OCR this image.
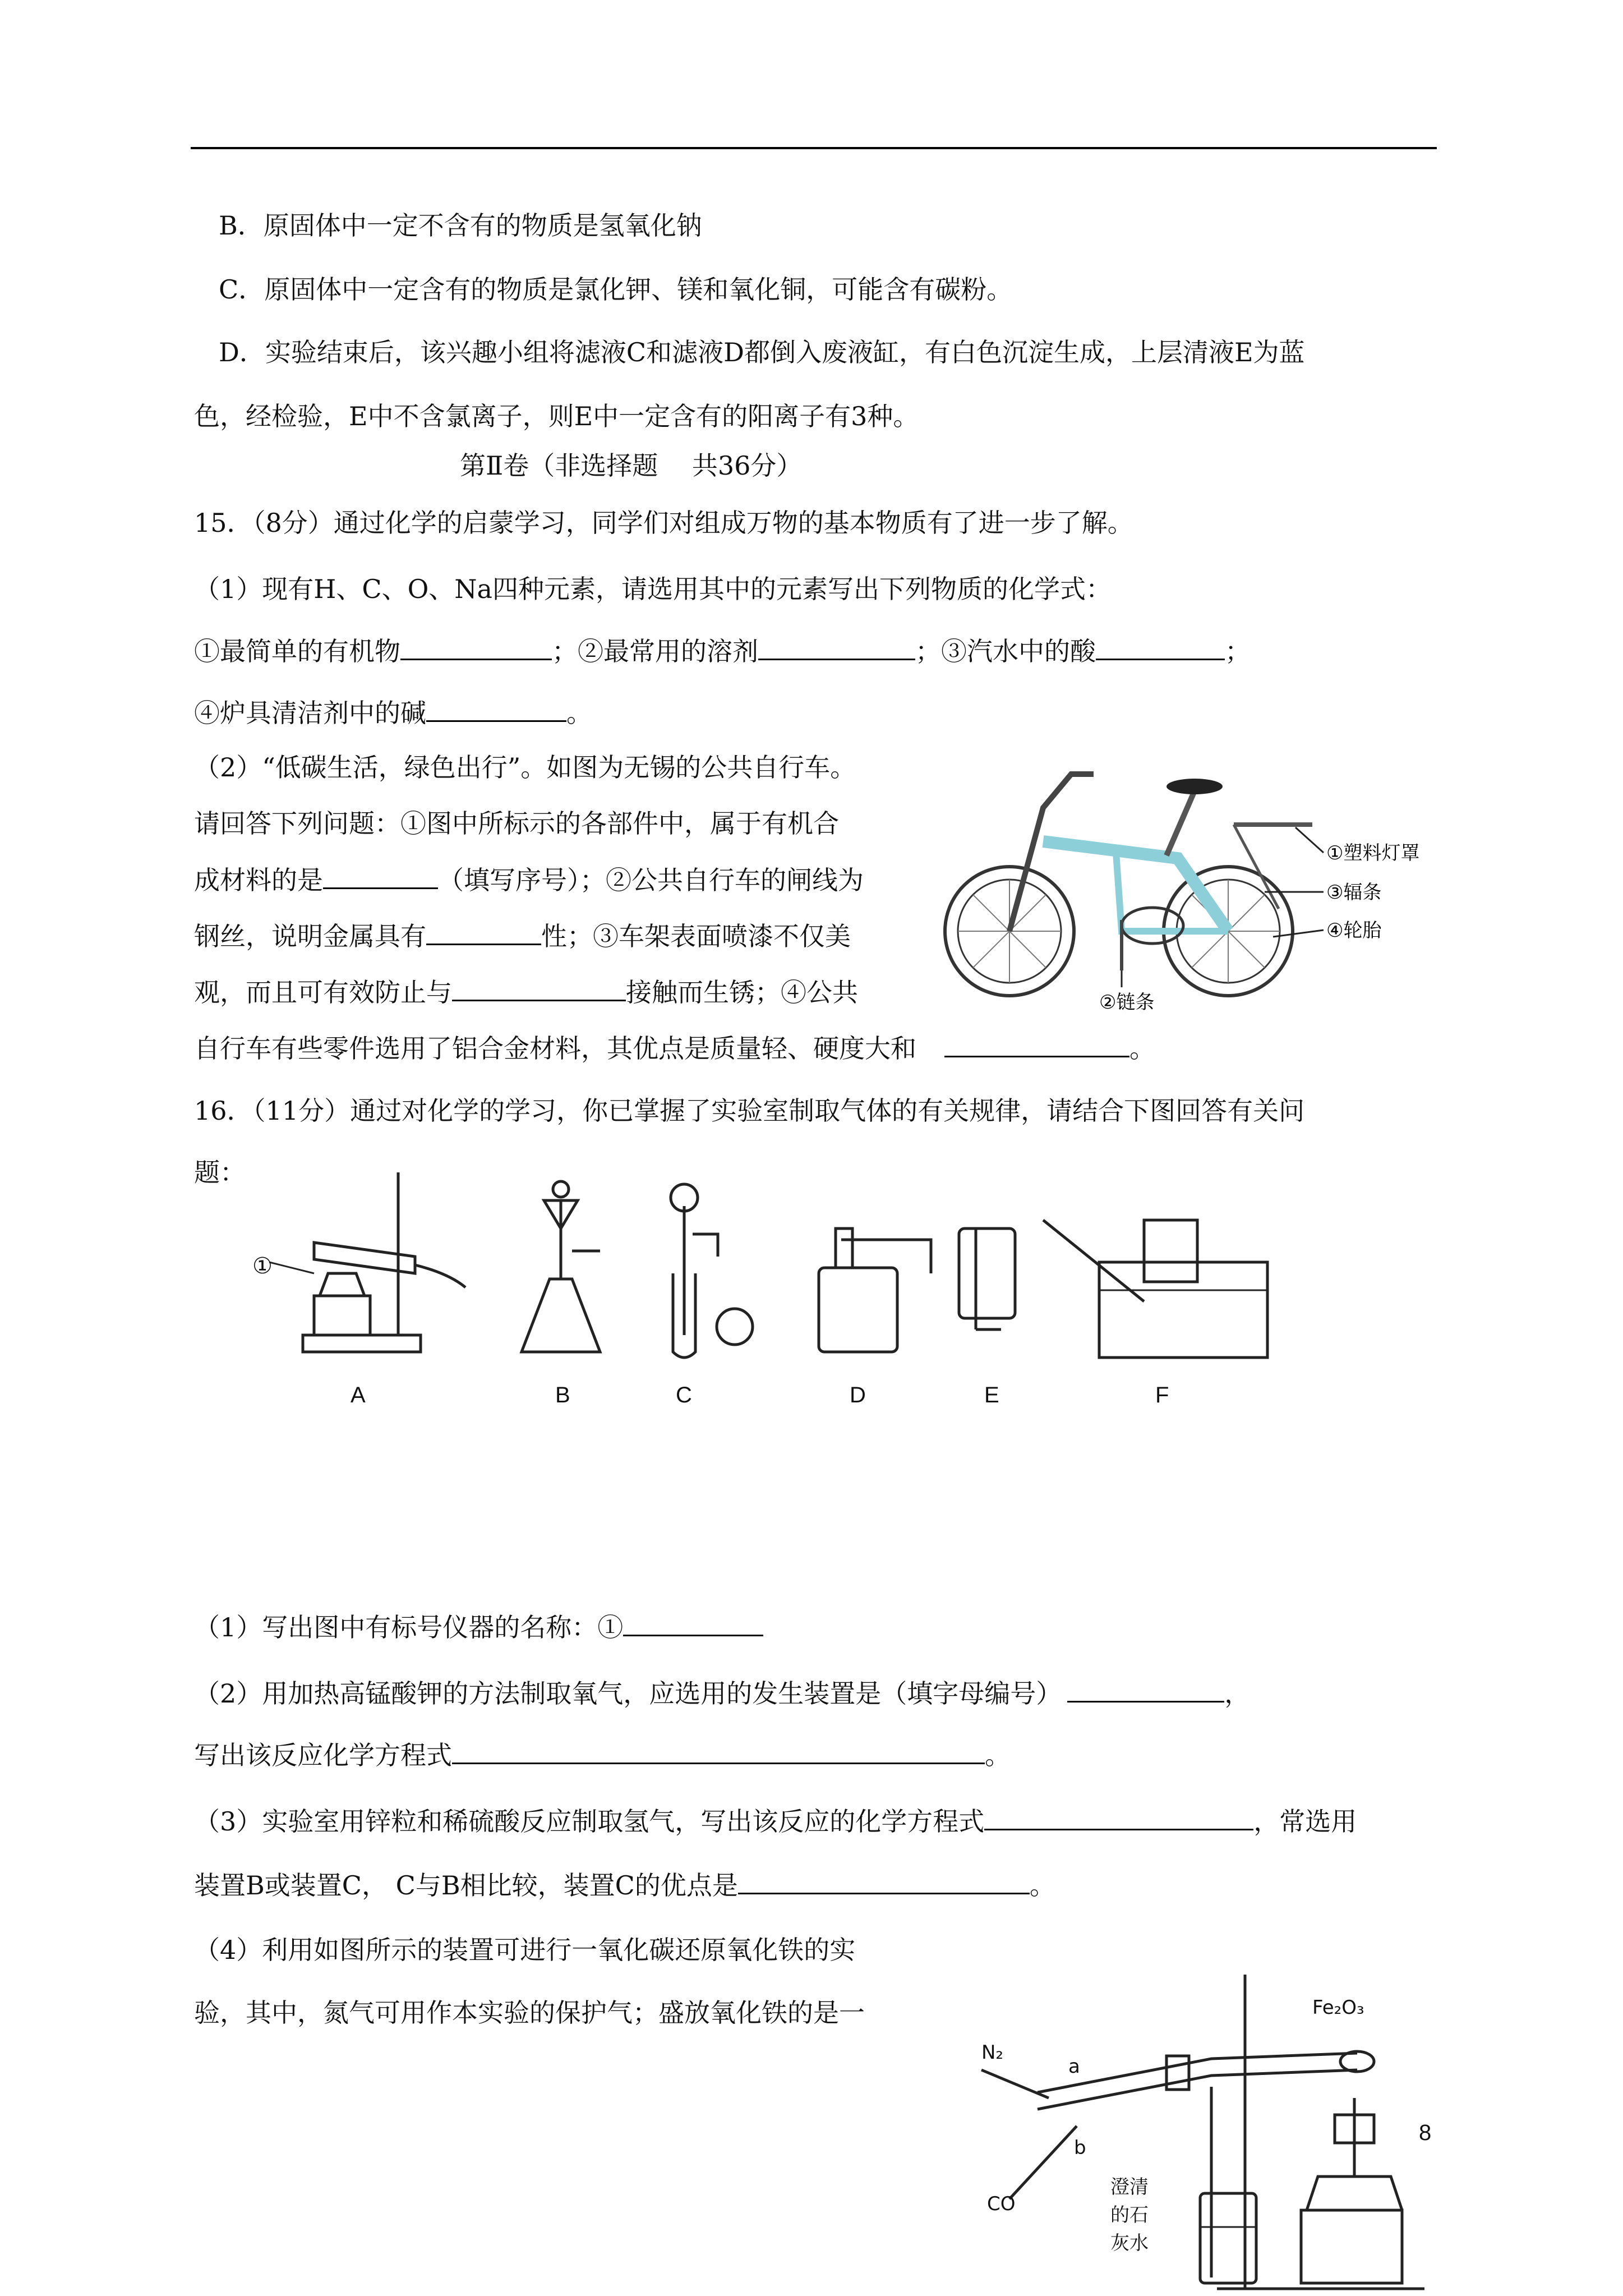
B．原固体中一定不含有的物质是氢氧化钠
C．原固体中一定含有的物质是氯化钾、镁和氧化铜，可能含有碳粉。
D．实验结束后，该兴趣小组将滤液C和滤液D都倒入废液缸，有白色沉淀生成，上层清液E为蓝
色，经检验，E中不含氯离子，则E中一定含有的阳离子有3种。
第Ⅱ卷（非选择题　 共36分）
15．（8分）通过化学的启蒙学习，同学们对组成万物的基本物质有了进一步了解。
（1）现有H、C、O、Na四种元素，请选用其中的元素写出下列物质的化学式：
①最简单的有机物	；②最常用的溶剂	；③汽水中的酸	；
④炉具清洁剂中的碱	。
（2）“低碳生活，绿色出行”。如图为无锡的公共自行车。
请回答下列问题：①图中所标示的各部件中，属于有机合
成材料的是	（填写序号）；②公共自行车的闸线为
钢丝，说明金属具有	性；③车架表面喷漆不仅美
观，而且可有效防止与	接触而生锈；④公共
自行车有些零件选用了铝合金材料，其优点是质量轻、硬度大和	。
①塑料灯罩
③辐条
④轮胎
②链条
16．（11分）通过对化学的学习，你已掌握了实验室制取气体的有关规律，请结合下图回答有关问
题：
①
A	B	C	D	E	F
（1）写出图中有标号仪器的名称：①
（2）用加热高锰酸钾的方法制取氧气，应选用的发生装置是（填字母编号）	，
写出该反应化学方程式	。
（3）实验室用锌粒和稀硫酸反应制取氢气，写出该反应的化学方程式	，常选用
装置B或装置C， C与B相比较，装置C的优点是	。
（4）利用如图所示的装置可进行一氧化碳还原氧化铁的实
验，其中，氮气可用作本实验的保护气；盛放氧化铁的是一	Fe₂O₃
N₂
a
b
CO
澄清
的石
灰水
8
